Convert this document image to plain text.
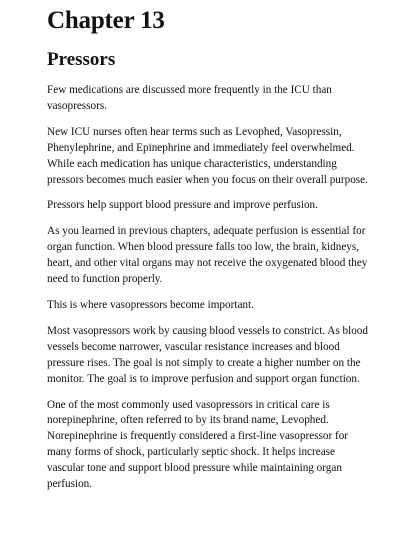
Chapter 13
Pressors

Few medications are discussed more frequently in the ICU than vasopressors.

New ICU nurses often hear terms such as Levophed, Vasopressin, Phenylephrine, and Epinephrine and immediately feel overwhelmed. While each medication has unique characteristics, understanding pressors becomes much easier when you focus on their overall purpose.

Pressors help support blood pressure and improve perfusion.

As you learned in previous chapters, adequate perfusion is essential for organ function. When blood pressure falls too low, the brain, kidneys, heart, and other vital organs may not receive the oxygenated blood they need to function properly.

This is where vasopressors become important.

Most vasopressors work by causing blood vessels to constrict. As blood vessels become narrower, vascular resistance increases and blood pressure rises. The goal is not simply to create a higher number on the monitor. The goal is to improve perfusion and support organ function.

One of the most commonly used vasopressors in critical care is norepinephrine, often referred to by its brand name, Levophed. Norepinephrine is frequently considered a first-line vasopressor for many forms of shock, particularly septic shock. It helps increase vascular tone and support blood pressure while maintaining organ perfusion.
